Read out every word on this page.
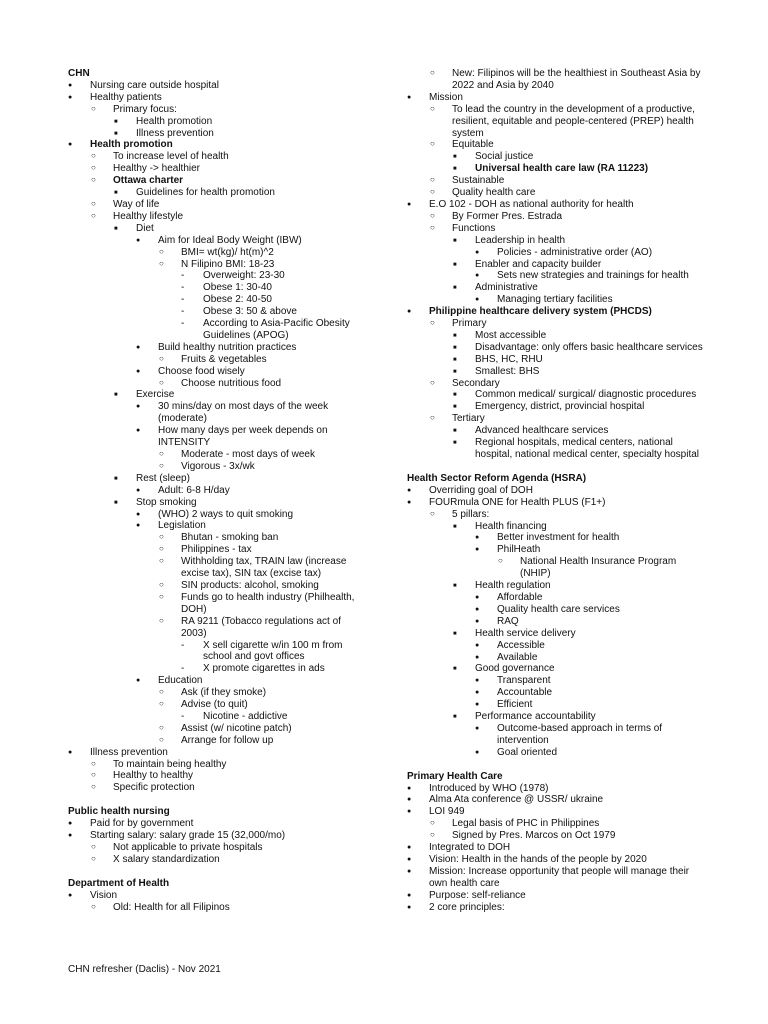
CHN
●
Nursing care outside hospital
●
Healthy patients
○
Primary focus:
■
Health promotion
■
Illness prevention
●
Health promotion
○
To increase level of health
○
Healthy -> healthier
○
Ottawa charter
■
Guidelines for health promotion
○
Way of life
○
Healthy lifestyle
■
Diet
●
Aim for Ideal Body Weight (IBW)
○
BMI= wt(kg)/ ht(m)^2
○
N Filipino BMI: 18-23
-
Overweight: 23-30
-
Obese 1: 30-40
-
Obese 2: 40-50
-
Obese 3: 50 & above
-
According to Asia-Pacific Obesity Guidelines (APOG)
●
Build healthy nutrition practices
○
Fruits & vegetables
●
Choose food wisely
○
Choose nutritious food
■
Exercise
●
30 mins/day on most days of the week (moderate)
●
How many days per week depends on INTENSITY
○
Moderate - most days of week
○
Vigorous - 3x/wk
■
Rest (sleep)
●
Adult: 6-8 H/day
■
Stop smoking
●
(WHO) 2 ways to quit smoking
●
Legislation
○
Bhutan - smoking ban
○
Philippines - tax
○
Withholding tax, TRAIN law (increase excise tax), SIN tax (excise tax)
○
SIN products: alcohol, smoking
○
Funds go to health industry (Philhealth, DOH)
○
RA 9211 (Tobacco regulations act of 2003)
-
X sell cigarette w/in 100 m from school and govt offices
-
X promote cigarettes in ads
●
Education
○
Ask (if they smoke)
○
Advise (to quit)
-
Nicotine - addictive
○
Assist (w/ nicotine patch)
○
Arrange for follow up
●
Illness prevention
○
To maintain being healthy
○
Healthy to healthy
○
Specific protection
Public health nursing
●
Paid for by government
●
Starting salary: salary grade 15 (32,000/mo)
○
Not applicable to private hospitals
○
X salary standardization
Department of Health
●
Vision
○
Old: Health for all Filipinos
○
New: Filipinos will be the healthiest in Southeast Asia by 2022 and Asia by 2040
●
Mission
○
To lead the country in the development of a productive, resilient, equitable and people-centered (PREP) health system
○
Equitable
■
Social justice
■
Universal health care law (RA 11223)
○
Sustainable
○
Quality health care
●
E.O 102 - DOH as national authority for health
○
By Former Pres. Estrada
○
Functions
■
Leadership in health
●
Policies - administrative order (AO)
■
Enabler and capacity builder
●
Sets new strategies and trainings for health
■
Administrative
●
Managing tertiary facilities
●
Philippine healthcare delivery system (PHCDS)
○
Primary
■
Most accessible
■
Disadvantage: only offers basic healthcare services
■
BHS, HC, RHU
■
Smallest: BHS
○
Secondary
■
Common medical/ surgical/ diagnostic procedures
■
Emergency, district, provincial hospital
○
Tertiary
■
Advanced healthcare services
■
Regional hospitals, medical centers, national hospital, national medical center, specialty hospital
Health Sector Reform Agenda (HSRA)
●
Overriding goal of DOH
●
FOURmula ONE for Health PLUS (F1+)
○
5 pillars:
■
Health financing
●
Better investment for health
●
PhilHeath
○
National Health Insurance Program (NHIP)
■
Health regulation
●
Affordable
●
Quality health care services
●
RAQ
■
Health service delivery
●
Accessible
●
Available
■
Good governance
●
Transparent
●
Accountable
●
Efficient
■
Performance accountability
●
Outcome-based approach in terms of intervention
●
Goal oriented
Primary Health Care
●
Introduced by WHO (1978)
●
Alma Ata conference @ USSR/ ukraine
●
LOI 949
○
Legal basis of PHC in Philippines
○
Signed by Pres. Marcos on Oct 1979
●
Integrated to DOH
●
Vision: Health in the hands of the people by 2020
●
Mission: Increase opportunity that people will manage their own health care
●
Purpose: self-reliance
●
2 core principles:
CHN refresher (Daclis) - Nov 2021
